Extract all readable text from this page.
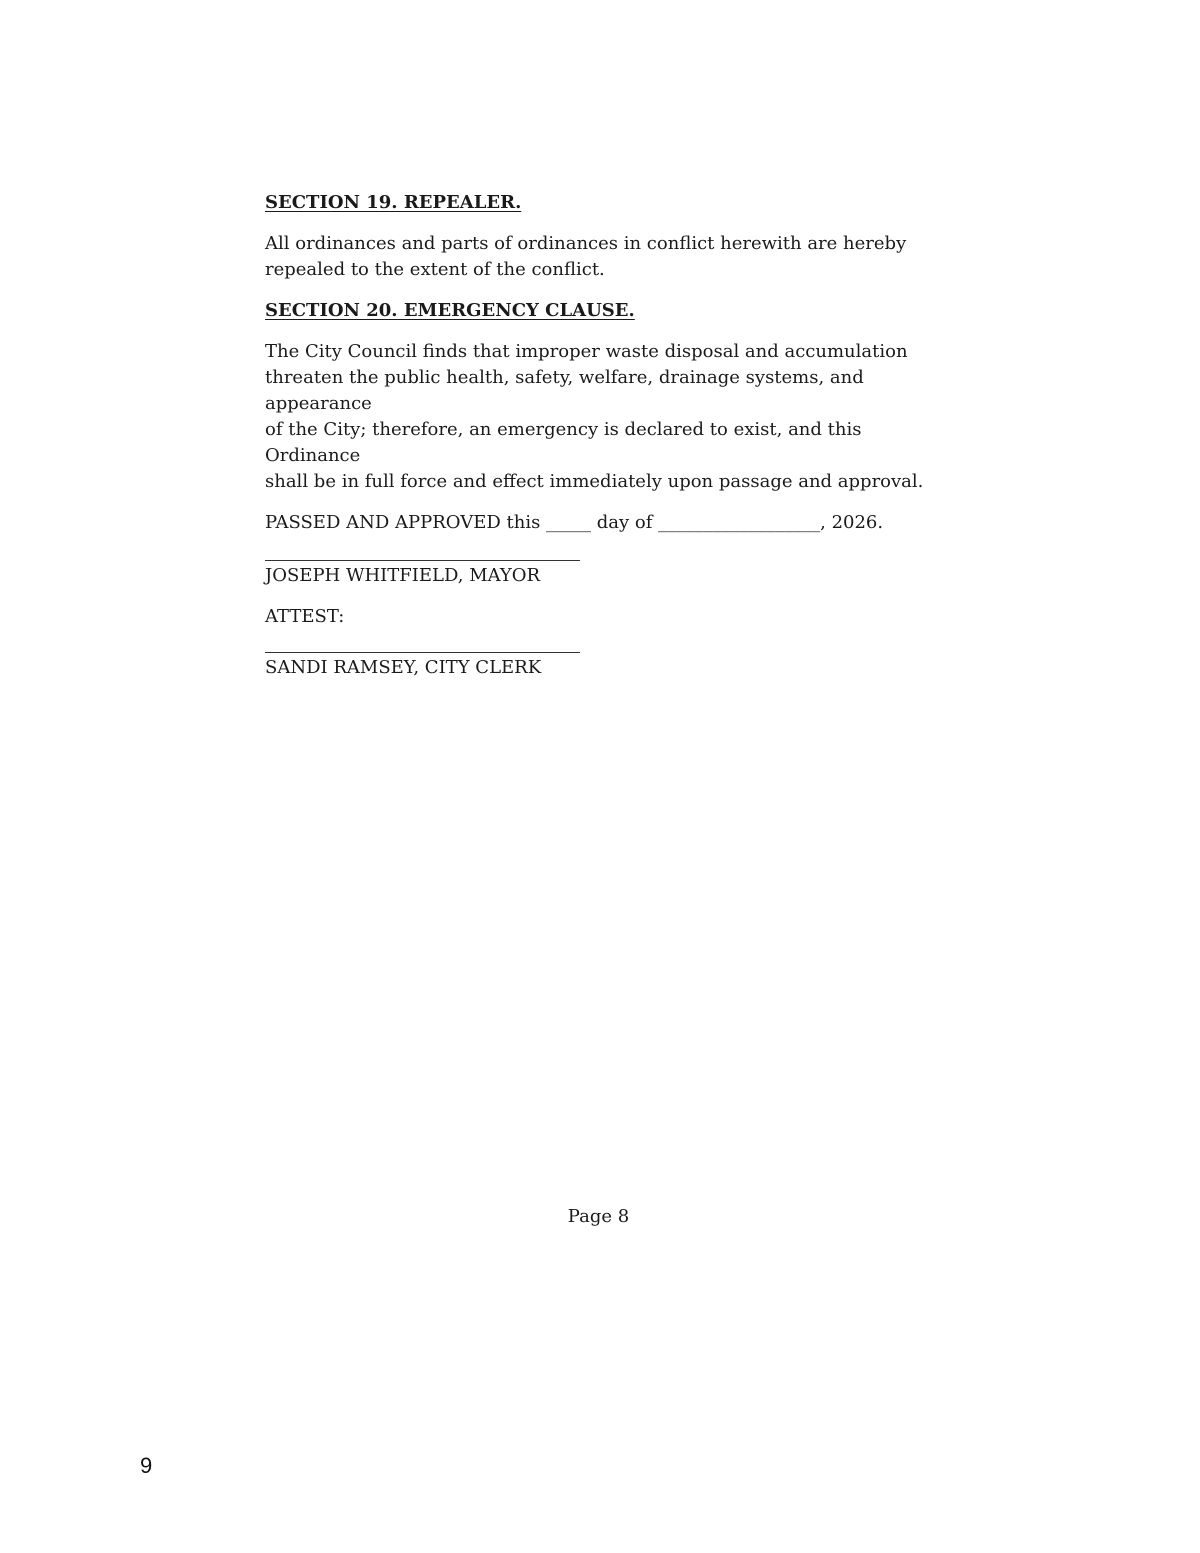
SECTION 19. REPEALER.
All ordinances and parts of ordinances in conflict herewith are hereby
repealed to the extent of the conflict.
SECTION 20. EMERGENCY CLAUSE.
The City Council finds that improper waste disposal and accumulation
threaten the public health, safety, welfare, drainage systems, and appearance
of the City; therefore, an emergency is declared to exist, and this Ordinance
shall be in full force and effect immediately upon passage and approval.
PASSED AND APPROVED this _____ day of __________________, 2026.
JOSEPH WHITFIELD, MAYOR
ATTEST:
SANDI RAMSEY, CITY CLERK
Page 8
9
